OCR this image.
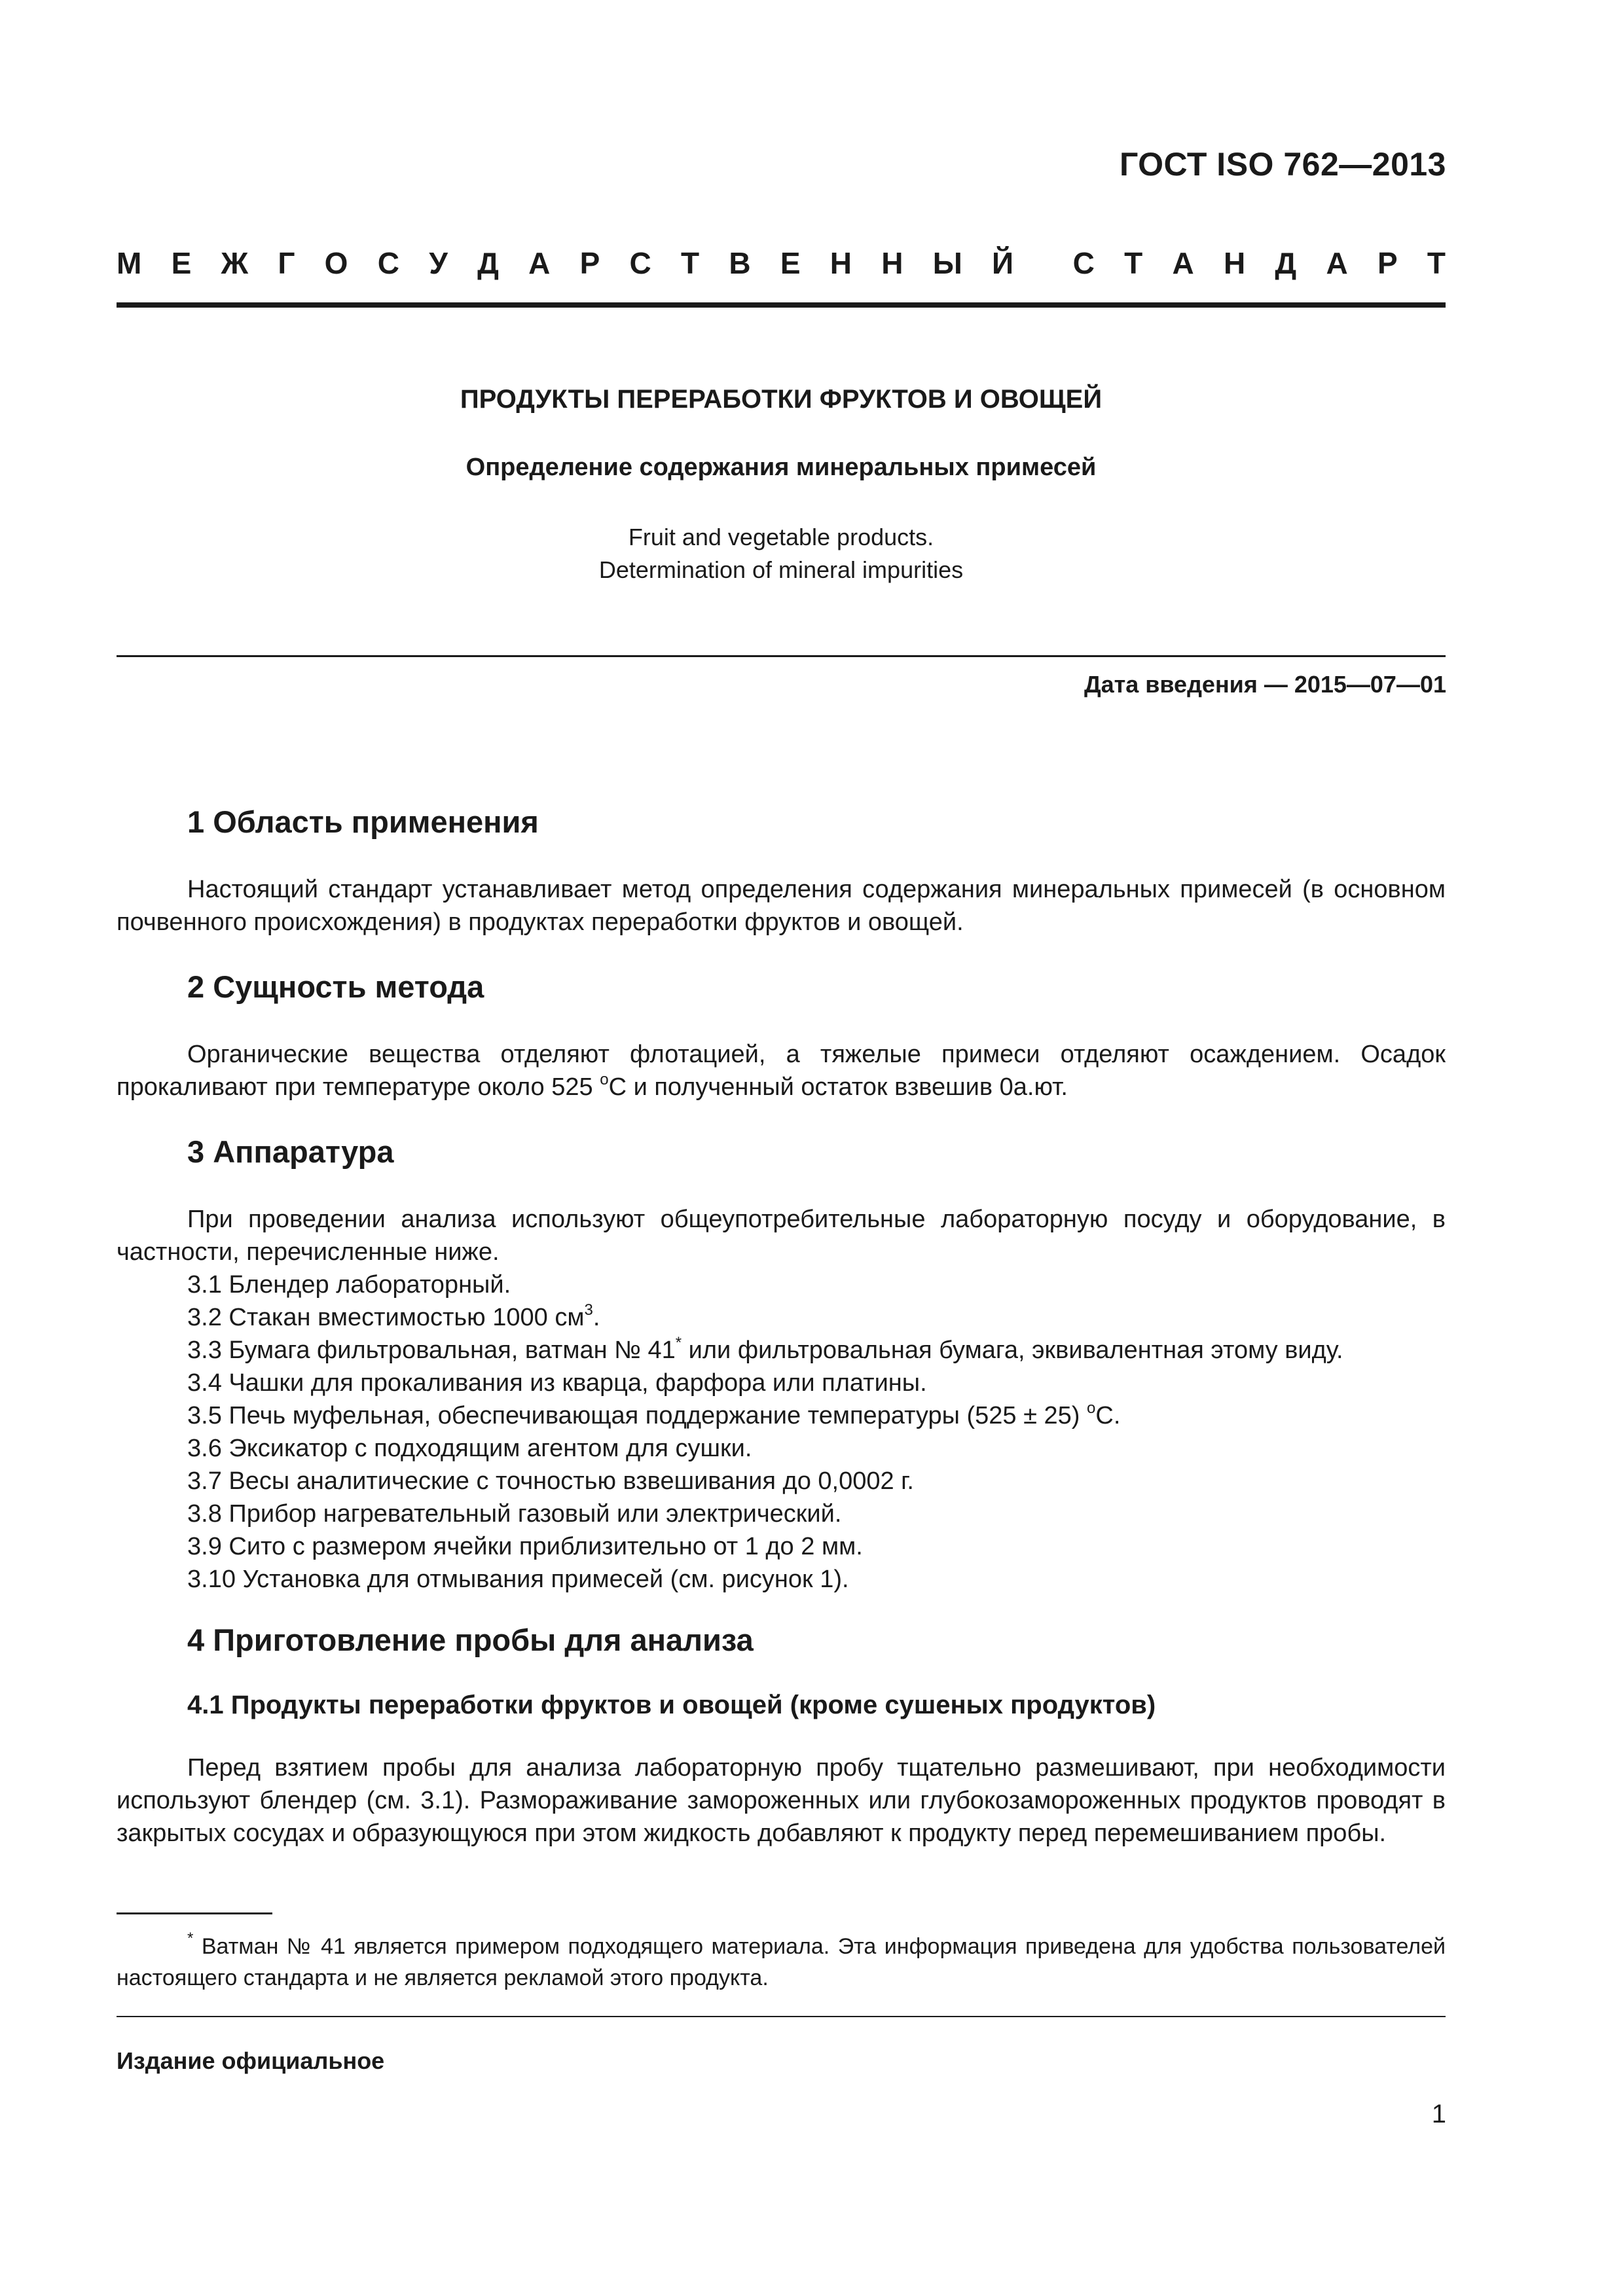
ГОСТ ISO 762—2013
М Е Ж Г О С У Д А Р С Т В Е Н Н Ы Й С Т А Н Д А Р Т
ПРОДУКТЫ ПЕРЕРАБОТКИ ФРУКТОВ И ОВОЩЕЙ
Определение содержания минеральных примесей
Fruit and vegetable products.
Determination of mineral impurities
Дата введения — 2015—07—01
1 Область применения
Настоящий стандарт устанавливает метод определения содержания минеральных примесей (в основном почвенного происхождения) в продуктах переработки фруктов и овощей.
2 Сущность метода
Органические вещества отделяют флотацией, а тяжелые примеси отделяют осаждением. Осадок прокаливают при температуре около 525 $^о$С и полученный остаток взвешив 0а.ют.
3 Аппаратура
При проведении анализа используют общеупотребительные лабораторную посуду и оборудование, в частности, перечисленные ниже.
3.1 Блендер лабораторный.
3.2 Стакан вместимостью 1000 $см^3$.
3.3 Бумага фильтровальная, ватман № 41* или фильтровальная бумага, эквивалентная этому виду.
3.4 Чашки для прокаливания из кварца, фарфора или платины.
3.5 Печь муфельная, обеспечивающая поддержание температуры (525 ± 25) $^о$С.
3.6 Эксикатор с подходящим агентом для сушки.
3.7 Весы аналитические с точностью взвешивания до 0,0002 г.
3.8 Прибор нагревательный газовый или электрический.
3.9 Сито с размером ячейки приблизительно от 1 до 2 мм.
3.10 Установка для отмывания примесей (см. рисунок 1).
4 Приготовление пробы для анализа
4.1 Продукты переработки фруктов и овощей (кроме сушеных продуктов)
Перед взятием пробы для анализа лабораторную пробу тщательно размешивают, при необходимости используют блендер (см. 3.1). Размораживание замороженных или глубокозамороженных продуктов проводят в закрытых сосудах и образующуюся при этом жидкость добавляют к продукту перед перемешиванием пробы.
* Ватман № 41 является примером подходящего материала. Эта информация приведена для удобства пользователей настоящего стандарта и не является рекламой этого продукта.
Издание официальное
1
